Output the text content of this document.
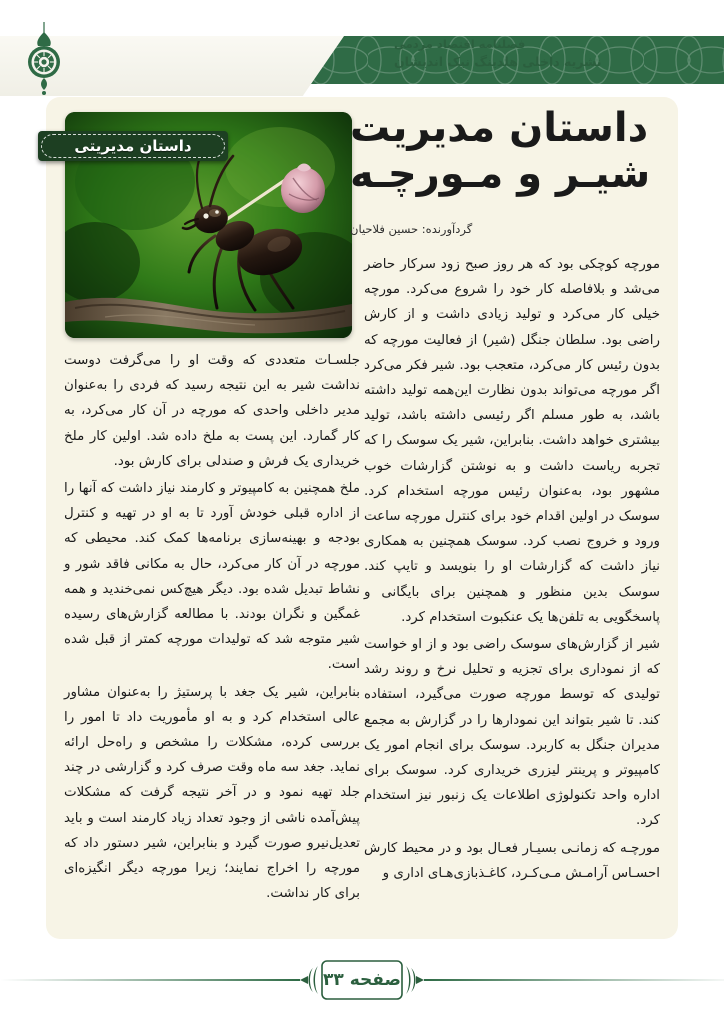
فصلنامه اقتصاد مردمی
نشریه داخلی هلدینگ نیک اندیشان
داستان مدیریتی	داستان مدیریت
شیـر و مـورچـه
گردآورنده: حسین فلاحیان

مورچه کوچکی بود که هر روز صبح زود سرکار حاضر می‌شد و بلافاصله کار خود را شروع می‌کرد. مورچه خیلی کار می‌کرد و تولید زیادی داشت و از کارش راضی بود. سلطان جنگل (شیر) از فعالیت مورچه که بدون رئیس کار می‌کرد، متعجب بود. شیر فکر می‌کرد اگر مورچه می‌تواند بدون نظارت این‌همه تولید داشته باشد، به طور مسلم اگر رئیسی داشته باشد، تولید بیشتری خواهد داشت. بنابراین، شیر یک سوسک را که تجربه ریاست داشت و به نوشتن گزارشات خوب مشهور بود، به‌عنوان رئیس مورچه استخدام کرد. سوسک در اولین اقدام خود برای کنترل مورچه ساعت ورود و خروج نصب کرد. سوسک همچنین به همکاری نیاز داشت که گزارشات او را بنویسد و تایپ کند. سوسک بدین منظور و همچنین برای بایگانی و پاسخگویی به تلفن‌ها یک عنکبوت استخدام کرد.

شیر از گزارش‌های سوسک راضی بود و از او خواست که از نموداری برای تجزیه و تحلیل نرخ و روند رشد تولیدی که توسط مورچه صورت می‌گیرد، استفاده کند. تا شیر بتواند این نمودارها را در گزارش به مجمع مدیران جنگل به کاربرد. سوسک برای انجام امور یک کامپیوتر و پرینتر لیزری خریداری کرد. سوسک برای اداره واحد تکنولوژی اطلاعات یک زنبور نیز استخدام کرد.

مورچـه که زمانـی بسیـار فعـال بود و در محیط کارش احسـاس آرامـش مـی‌کـرد، کاغـذبازی‌هـای اداری و

جلسـات متعددی که وقت او را می‌گرفت دوست نداشت شیر به این نتیجه رسید که فردی را به‌عنوان مدیر داخلی واحدی که مورچه در آن کار می‌کرد، به کار گمارد. این پست به ملخ داده شد. اولین کار ملخ خریداری یک فرش و صندلی برای کارش بود.

ملخ همچنین به کامپیوتر و کارمند نیاز داشت که آنها را از اداره قبلی خودش آورد تا به او در تهیه و کنترل بودجه و بهینه‌سازی برنامه‌ها کمک کند. محیطی که مورچه در آن کار می‌کرد، حال به مکانی فاقد شور و نشاط تبدیل شده بود. دیگر هیچ‌کس نمی‌خندید و همه غمگین و نگران بودند. با مطالعه گزارش‌های رسیده شیر متوجه شد که تولیدات مورچه کمتر از قبل شده است.

بنابراین، شیر یک جغد با پرستیژ را به‌عنوان مشاور عالی استخدام کرد و به او مأموریت داد تا امور را بررسی کرده، مشکلات را مشخص و راه‌حل ارائه نماید. جغد سه ماه وقت صرف کرد و گزارشی در چند جلد تهیه نمود و در آخر نتیجه گرفت که مشکلات پیش‌آمده ناشی از وجود تعداد زیاد کارمند است و باید تعدیل‌نیرو صورت گیرد و بنابراین، شیر دستور داد که مورچه را اخراج نمایند؛ زیرا مورچه دیگر انگیزه‌ای برای کار نداشت.

صفحه ۳۳
